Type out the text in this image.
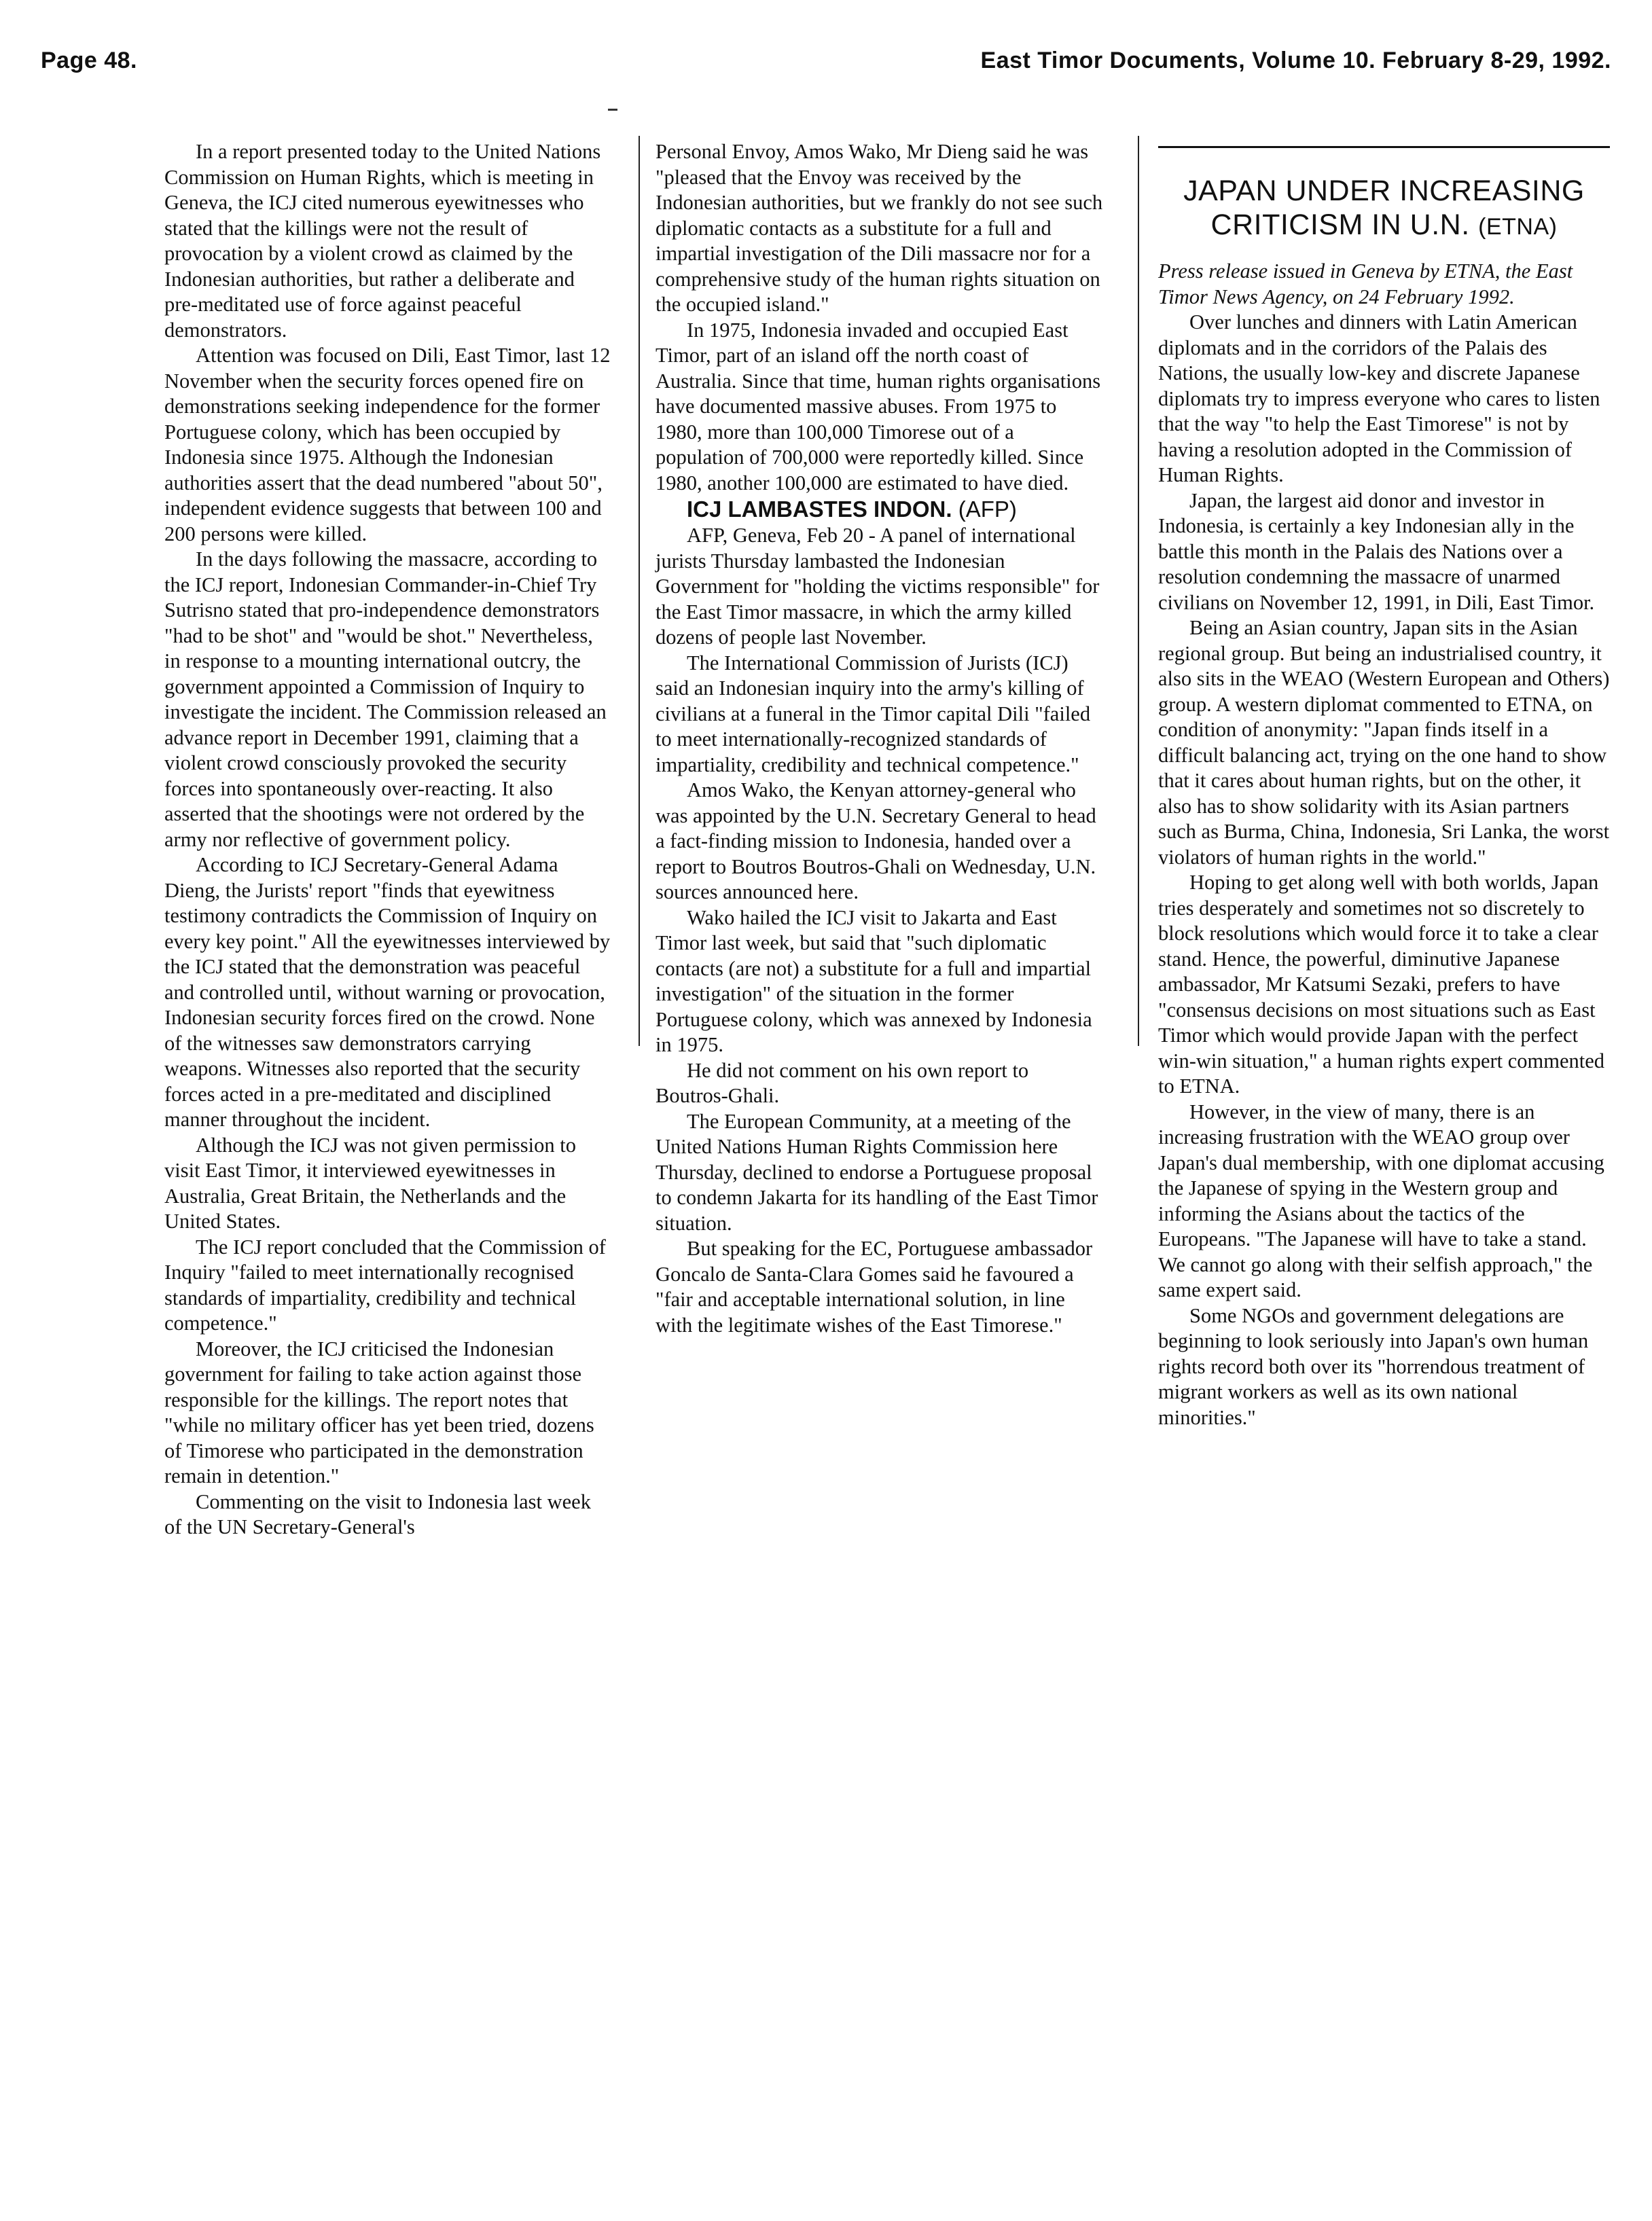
Page 48.	East Timor Documents, Volume 10. February 8-29, 1992.

In a report presented today to the United Nations Commission on Human Rights, which is meeting in Geneva, the ICJ cited numerous eyewitnesses who stated that the killings were not the result of provocation by a violent crowd as claimed by the Indonesian authorities, but rather a deliberate and pre-meditated use of force against peaceful demonstrators.

Attention was focused on Dili, East Timor, last 12 November when the security forces opened fire on demonstrations seeking independence for the former Portuguese colony, which has been occupied by Indonesia since 1975. Although the Indonesian authorities assert that the dead numbered "about 50", independent evidence suggests that between 100 and 200 persons were killed.

In the days following the massacre, according to the ICJ report, Indonesian Commander-in-Chief Try Sutrisno stated that pro-independence demonstrators "had to be shot" and "would be shot." Nevertheless, in response to a mounting international outcry, the government appointed a Commission of Inquiry to investigate the incident. The Commission released an advance report in December 1991, claiming that a violent crowd consciously provoked the security forces into spontaneously over-reacting. It also asserted that the shootings were not ordered by the army nor reflective of government policy.

According to ICJ Secretary-General Adama Dieng, the Jurists' report "finds that eyewitness testimony contradicts the Commission of Inquiry on every key point." All the eyewitnesses interviewed by the ICJ stated that the demonstration was peaceful and controlled until, without warning or provocation, Indonesian security forces fired on the crowd. None of the witnesses saw demonstrators carrying weapons. Witnesses also reported that the security forces acted in a pre-meditated and disciplined manner throughout the incident.

Although the ICJ was not given permission to visit East Timor, it interviewed eyewitnesses in Australia, Great Britain, the Netherlands and the United States.

The ICJ report concluded that the Commission of Inquiry "failed to meet internationally recognised standards of impartiality, credibility and technical competence."

Moreover, the ICJ criticised the Indonesian government for failing to take action against those responsible for the killings. The report notes that "while no military officer has yet been tried, dozens of Timorese who participated in the demonstration remain in detention."

Commenting on the visit to Indonesia last week of the UN Secretary-General's

Personal Envoy, Amos Wako, Mr Dieng said he was "pleased that the Envoy was received by the Indonesian authorities, but we frankly do not see such diplomatic contacts as a substitute for a full and impartial investigation of the Dili massacre nor for a comprehensive study of the human rights situation on the occupied island."

In 1975, Indonesia invaded and occupied East Timor, part of an island off the north coast of Australia. Since that time, human rights organisations have documented massive abuses. From 1975 to 1980, more than 100,000 Timorese out of a population of 700,000 were reportedly killed. Since 1980, another 100,000 are estimated to have died.

ICJ LAMBASTES INDON. (AFP)

AFP, Geneva, Feb 20 - A panel of international jurists Thursday lambasted the Indonesian Government for "holding the victims responsible" for the East Timor massacre, in which the army killed dozens of people last November.

The International Commission of Jurists (ICJ) said an Indonesian inquiry into the army's killing of civilians at a funeral in the Timor capital Dili "failed to meet internationally-recognized standards of impartiality, credibility and technical competence."

Amos Wako, the Kenyan attorney-general who was appointed by the U.N. Secretary General to head a fact-finding mission to Indonesia, handed over a report to Boutros Boutros-Ghali on Wednesday, U.N. sources announced here.

Wako hailed the ICJ visit to Jakarta and East Timor last week, but said that "such diplomatic contacts (are not) a substitute for a full and impartial investigation" of the situation in the former Portuguese colony, which was annexed by Indonesia in 1975.

He did not comment on his own report to Boutros-Ghali.

The European Community, at a meeting of the United Nations Human Rights Commission here Thursday, declined to endorse a Portuguese proposal to condemn Jakarta for its handling of the East Timor situation.

But speaking for the EC, Portuguese ambassador Goncalo de Santa-Clara Gomes said he favoured a "fair and acceptable international solution, in line with the legitimate wishes of the East Timorese."

JAPAN UNDER INCREASING CRITICISM IN U.N. (ETNA)

Press release issued in Geneva by ETNA, the East Timor News Agency, on 24 February 1992.

Over lunches and dinners with Latin American diplomats and in the corridors of the Palais des Nations, the usually low-key and discrete Japanese diplomats try to impress everyone who cares to listen that the way "to help the East Timorese" is not by having a resolution adopted in the Commission of Human Rights.

Japan, the largest aid donor and investor in Indonesia, is certainly a key Indonesian ally in the battle this month in the Palais des Nations over a resolution condemning the massacre of unarmed civilians on November 12, 1991, in Dili, East Timor.

Being an Asian country, Japan sits in the Asian regional group. But being an industrialised country, it also sits in the WEAO (Western European and Others) group. A western diplomat commented to ETNA, on condition of anonymity: "Japan finds itself in a difficult balancing act, trying on the one hand to show that it cares about human rights, but on the other, it also has to show solidarity with its Asian partners such as Burma, China, Indonesia, Sri Lanka, the worst violators of human rights in the world."

Hoping to get along well with both worlds, Japan tries desperately and sometimes not so discretely to block resolutions which would force it to take a clear stand. Hence, the powerful, diminutive Japanese ambassador, Mr Katsumi Sezaki, prefers to have "consensus decisions on most situations such as East Timor which would provide Japan with the perfect win-win situation," a human rights expert commented to ETNA.

However, in the view of many, there is an increasing frustration with the WEAO group over Japan's dual membership, with one diplomat accusing the Japanese of spying in the Western group and informing the Asians about the tactics of the Europeans. "The Japanese will have to take a stand. We cannot go along with their selfish approach," the same expert said.

Some NGOs and government delegations are beginning to look seriously into Japan's own human rights record both over its "horrendous treatment of migrant workers as well as its own national minorities."
